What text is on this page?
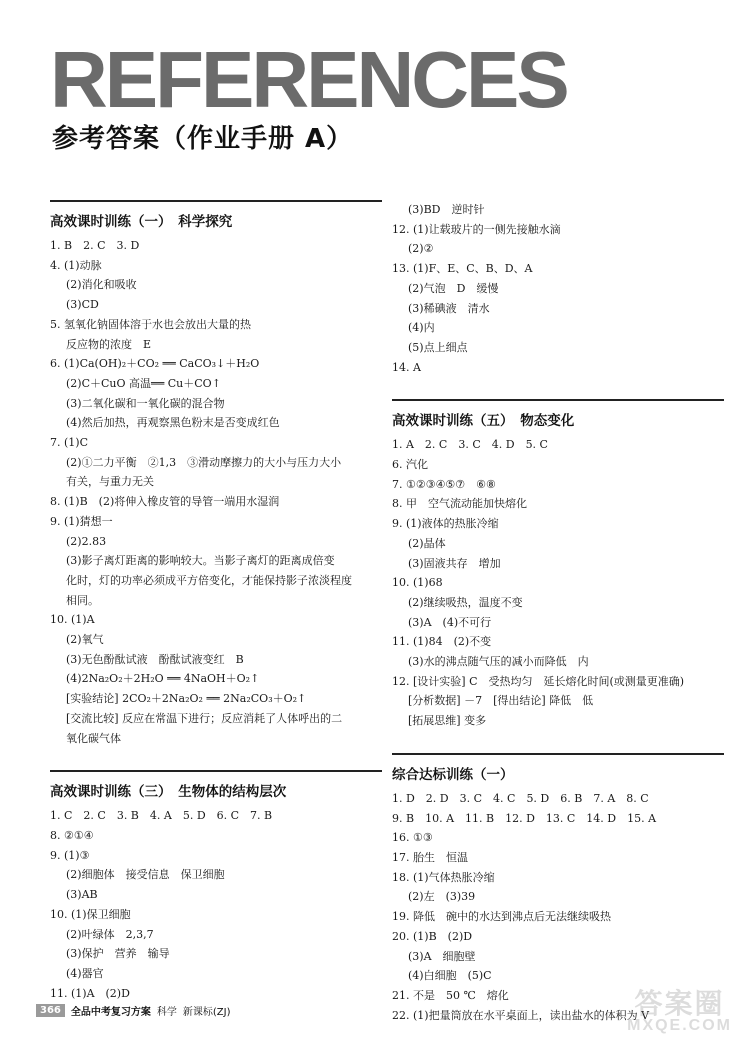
REFERENCES
参考答案（作业手册 A）
高效课时训练（一）　科学探究
1. B　2. C　3. D
4. (1)动脉
(2)消化和吸收
(3)CD
5. 氢氧化钠固体溶于水也会放出大量的热
反应物的浓度　E
6. (1)Ca(OH)₂＋CO₂ ══ CaCO₃↓＋H₂O
(2)C＋CuO 高温══ Cu＋CO↑
(3)二氧化碳和一氧化碳的混合物
(4)然后加热，再观察黑色粉末是否变成红色
7. (1)C
(2)①二力平衡　②1,3　③滑动摩擦力的大小与压力大小
有关，与重力无关
8. (1)B　(2)将伸入橡皮管的导管一端用水湿润
9. (1)猜想一
(2)2.83
(3)影子离灯距离的影响较大。当影子离灯的距离成倍变
化时，灯的功率必须成平方倍变化，才能保持影子浓淡程度
相同。
10. (1)A
(2)氧气
(3)无色酚酞试液　酚酞试液变红　B
(4)2Na₂O₂＋2H₂O ══ 4NaOH＋O₂↑
[实验结论] 2CO₂＋2Na₂O₂ ══ 2Na₂CO₃＋O₂↑
[交流比较] 反应在常温下进行；反应消耗了人体呼出的二
氧化碳气体
高效课时训练（三）　生物体的结构层次
1. C　2. C　3. B　4. A　5. D　6. C　7. B
8. ②①④
9. (1)③
(2)细胞体　接受信息　保卫细胞
(3)AB
10. (1)保卫细胞
(2)叶绿体　2,3,7
(3)保护　营养　输导
(4)器官
11. (1)A　(2)D
(3)BD　逆时针
12. (1)让载玻片的一侧先接触水滴
(2)②
13. (1)F、E、C、B、D、A
(2)气泡　D　缓慢
(3)稀碘液　清水
(4)内
(5)点上细点
14. A
高效课时训练（五）　物态变化
1. A　2. C　3. C　4. D　5. C
6. 汽化
7. ①②③④⑤⑦　⑥⑧
8. 甲　空气流动能加快熔化
9. (1)液体的热胀冷缩
(2)晶体
(3)固液共存　增加
10. (1)68
(2)继续吸热，温度不变
(3)A　(4)不可行
11. (1)84　(2)不变
(3)水的沸点随气压的减小而降低　内
12. [设计实验] C　受热均匀　延长熔化时间(或测量更准确)
[分析数据] －7　[得出结论] 降低　低
[拓展思维] 变多
综合达标训练（一）
1. D　2. D　3. C　4. C　5. D　6. B　7. A　8. C
9. B　10. A　11. B　12. D　13. C　14. D　15. A
16. ①③
17. 胎生　恒温
18. (1)气体热胀冷缩
(2)左　(3)39
19. 降低　碗中的水达到沸点后无法继续吸热
20. (1)B　(2)D
(3)A　细胞壁
(4)白细胞　(5)C
21. 不是　50 ℃　熔化
22. (1)把量筒放在水平桌面上，读出盐水的体积为 V
366	全品中考复习方案 科学 新课标(ZJ)	答案圈
MXQE.COM
